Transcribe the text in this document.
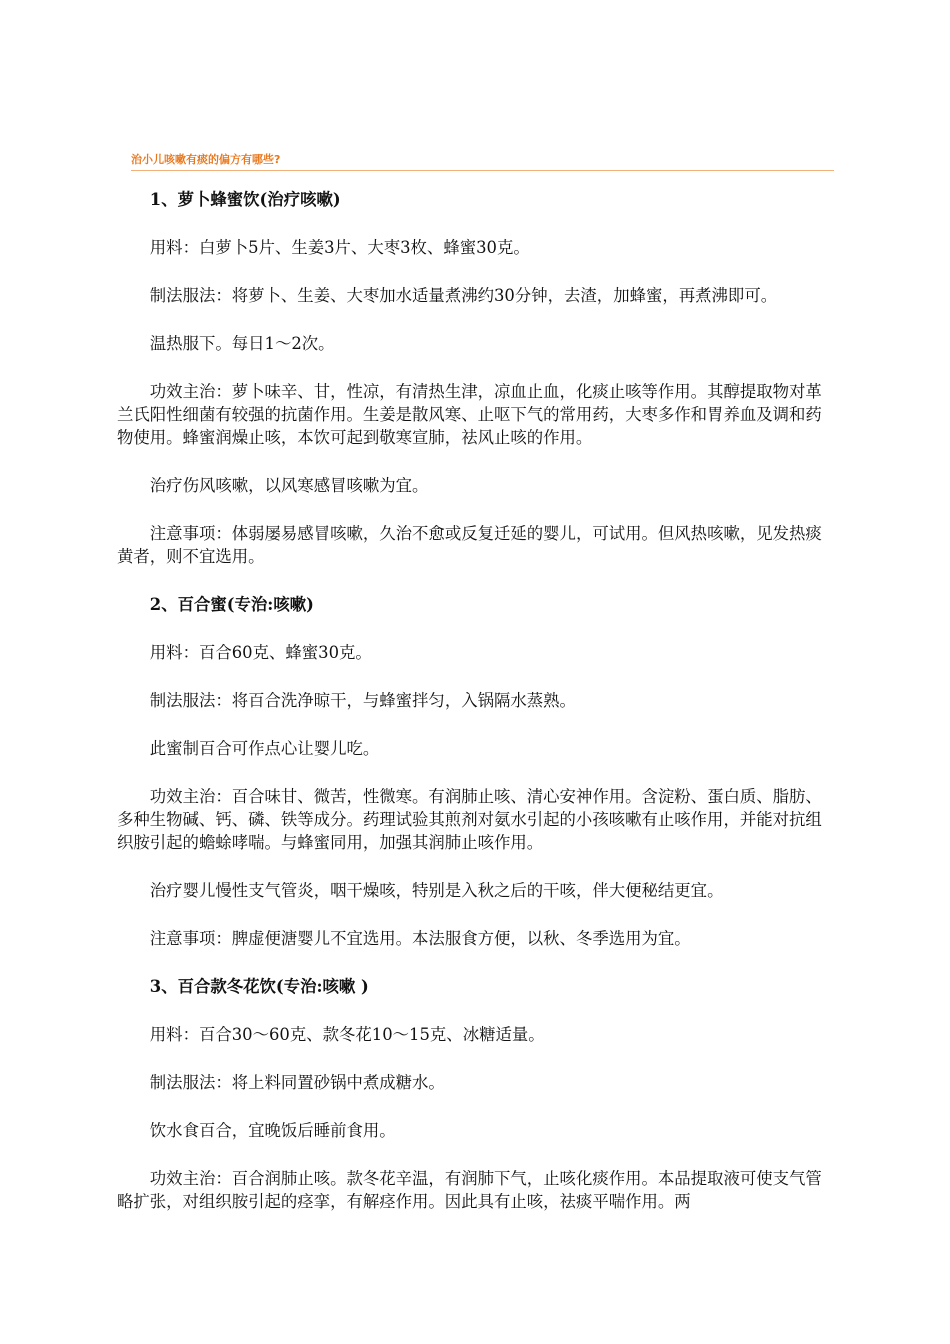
治小儿咳嗽有痰的偏方有哪些?

1、萝卜蜂蜜饮(治疗咳嗽)

用料：白萝卜5片、生姜3片、大枣3枚、蜂蜜30克。

制法服法：将萝卜、生姜、大枣加水适量煮沸约30分钟，去渣，加蜂蜜，再煮沸即可。

温热服下。每日1～2次。

功效主治：萝卜味辛、甘，性凉，有清热生津，凉血止血，化痰止咳等作用。其醇提取物对革兰氏阳性细菌有较强的抗菌作用。生姜是散风寒、止呕下气的常用药，大枣多作和胃养血及调和药物使用。蜂蜜润燥止咳，本饮可起到敬寒宣肺，祛风止咳的作用。

治疗伤风咳嗽，以风寒感冒咳嗽为宜。

注意事项：体弱屡易感冒咳嗽，久治不愈或反复迁延的婴儿，可试用。但风热咳嗽，见发热痰黄者，则不宜选用。

2、百合蜜(专治:咳嗽)

用料：百合60克、蜂蜜30克。

制法服法：将百合洗净晾干，与蜂蜜拌匀，入锅隔水蒸熟。

此蜜制百合可作点心让婴儿吃。

功效主治：百合味甘、微苦，性微寒。有润肺止咳、清心安神作用。含淀粉、蛋白质、脂肪、多种生物碱、钙、磷、铁等成分。药理试验其煎剂对氨水引起的小孩咳嗽有止咳作用，并能对抗组织胺引起的蟾蜍哮喘。与蜂蜜同用，加强其润肺止咳作用。

治疗婴儿慢性支气管炎，咽干燥咳，特别是入秋之后的干咳，伴大便秘结更宜。

注意事项：脾虚便溏婴儿不宜选用。本法服食方便，以秋、冬季选用为宜。

3、百合款冬花饮(专治:咳嗽 )

用料：百合30～60克、款冬花10～15克、冰糖适量。

制法服法：将上料同置砂锅中煮成糖水。

饮水食百合，宜晚饭后睡前食用。

功效主治：百合润肺止咳。款冬花辛温，有润肺下气，止咳化痰作用。本品提取液可使支气管略扩张，对组织胺引起的痉挛，有解痉作用。因此具有止咳，祛痰平喘作用。两
